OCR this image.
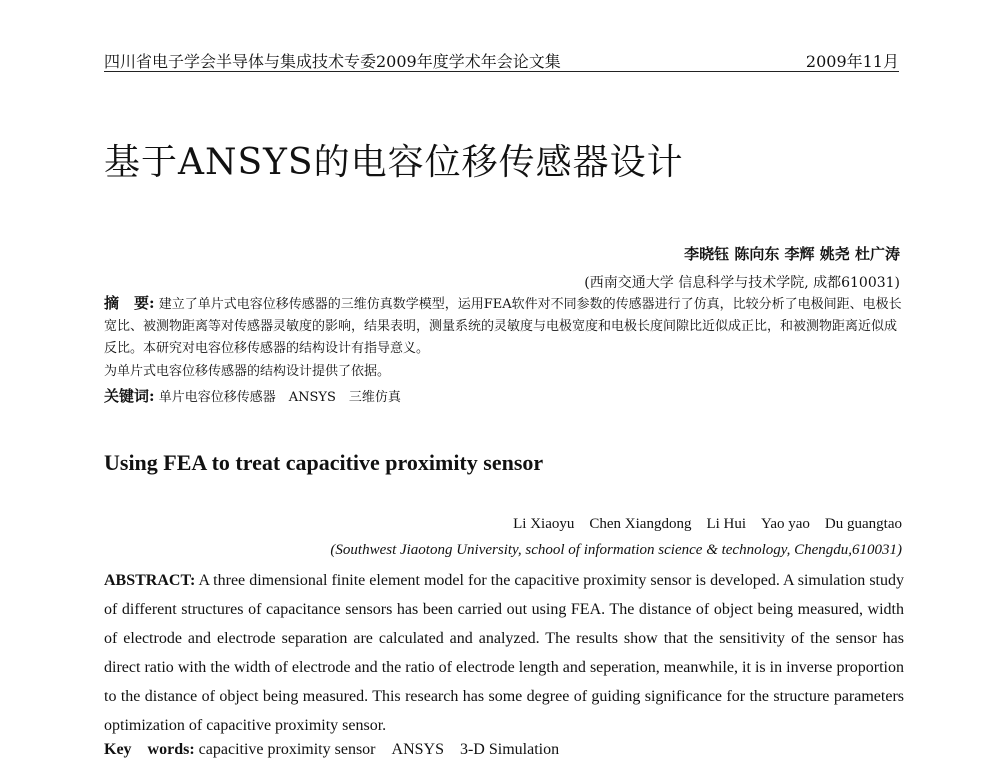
四川省电子学会半导体与集成技术专委2009年度学术年会论文集	2009年11月
基于ANSYS的电容位移传感器设计
李晓钰 陈向东 李辉 姚尧 杜广涛
(西南交通大学 信息科学与技术学院, 成都610031)
摘　要: 建立了单片式电容位移传感器的三维仿真数学模型，运用FEA软件对不同参数的传感器进行了仿真，比较分析了电极间距、电极长宽比、被测物距离等对传感器灵敏度的影响，结果表明，测量系统的灵敏度与电极宽度和电极长度间隙比近似成正比，和被测物距离近似成反比。本研究对电容位移传感器的结构设计有指导意义。
为单片式电容位移传感器的结构设计提供了依据。
关键词: 单片电容位移传感器　ANSYS　三维仿真
Using FEA to treat capacitive proximity sensor
Li Xiaoyu　Chen Xiangdong　Li Hui　Yao yao　Du guangtao
(Southwest Jiaotong University, school of information science & technology, Chengdu,610031)
ABSTRACT: A three dimensional finite element model for the capacitive proximity sensor is developed. A simulation study of different structures of capacitance sensors has been carried out using FEA. The distance of object being measured, width of electrode and electrode separation are calculated and analyzed. The results show that the sensitivity of the sensor has direct ratio with the width of electrode and the ratio of electrode length and seperation, meanwhile, it is in inverse proportion to the distance of object being measured. This research has some degree of guiding significance for the structure parameters optimization of capacitive proximity sensor.
Key　words: capacitive proximity sensor　ANSYS　3-D Simulation
